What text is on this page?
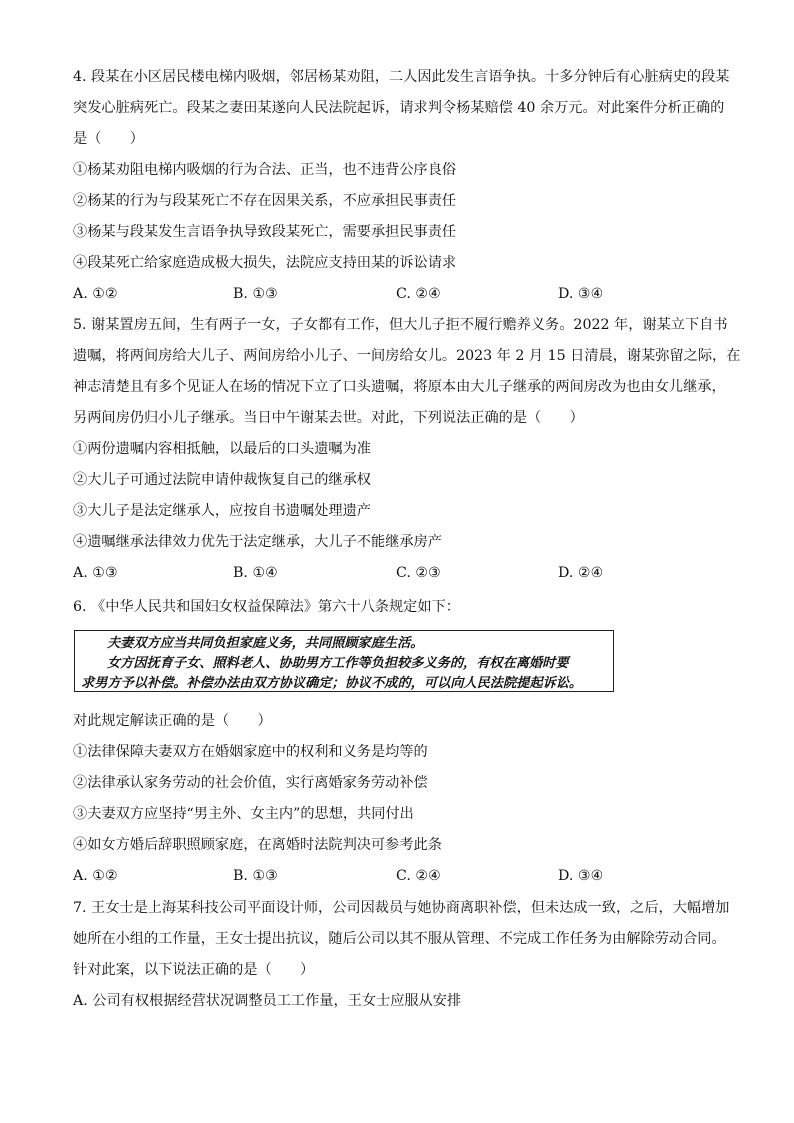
4. 段某在小区居民楼电梯内吸烟，邻居杨某劝阻，二人因此发生言语争执。十多分钟后有心脏病史的段某
突发心脏病死亡。段某之妻田某遂向人民法院起诉，请求判令杨某赔偿 40 余万元。对此案件分析正确的
是（　　）
①杨某劝阻电梯内吸烟的行为合法、正当，也不违背公序良俗
②杨某的行为与段某死亡不存在因果关系，不应承担民事责任
③杨某与段某发生言语争执导致段某死亡，需要承担民事责任
④段某死亡给家庭造成极大损失，法院应支持田某的诉讼请求
A. ①②	B. ①③	C. ②④	D. ③④
5. 谢某置房五间，生有两子一女，子女都有工作，但大儿子拒不履行赡养义务。2022 年，谢某立下自书
遗嘱，将两间房给大儿子、两间房给小儿子、一间房给女儿。2023 年 2 月 15 日清晨，谢某弥留之际，在
神志清楚且有多个见证人在场的情况下立了口头遗嘱，将原本由大儿子继承的两间房改为也由女儿继承，
另两间房仍归小儿子继承。当日中午谢某去世。对此，下列说法正确的是（　　）
①两份遗嘱内容相抵触，以最后的口头遗嘱为准
②大儿子可通过法院申请仲裁恢复自己的继承权
③大儿子是法定继承人，应按自书遗嘱处理遗产
④遗嘱继承法律效力优先于法定继承，大儿子不能继承房产
A. ①③	B. ①④	C. ②③	D. ②④
6. 《中华人民共和国妇女权益保障法》第六十八条规定如下：
夫妻双方应当共同负担家庭义务，共同照顾家庭生活。
女方因抚育子女、照料老人、协助男方工作等负担较多义务的，有权在离婚时要
求男方予以补偿。补偿办法由双方协议确定；协议不成的，可以向人民法院提起诉讼。
对此规定解读正确的是（　　）
①法律保障夫妻双方在婚姻家庭中的权利和义务是均等的
②法律承认家务劳动的社会价值，实行离婚家务劳动补偿
③夫妻双方应坚持“男主外、女主内”的思想，共同付出
④如女方婚后辞职照顾家庭，在离婚时法院判决可参考此条
A. ①②	B. ①③	C. ②④	D. ③④
7. 王女士是上海某科技公司平面设计师，公司因裁员与她协商离职补偿，但未达成一致，之后，大幅增加
她所在小组的工作量，王女士提出抗议，随后公司以其不服从管理、不完成工作任务为由解除劳动合同。
针对此案，以下说法正确的是（　　）
A. 公司有权根据经营状况调整员工工作量，王女士应服从安排
